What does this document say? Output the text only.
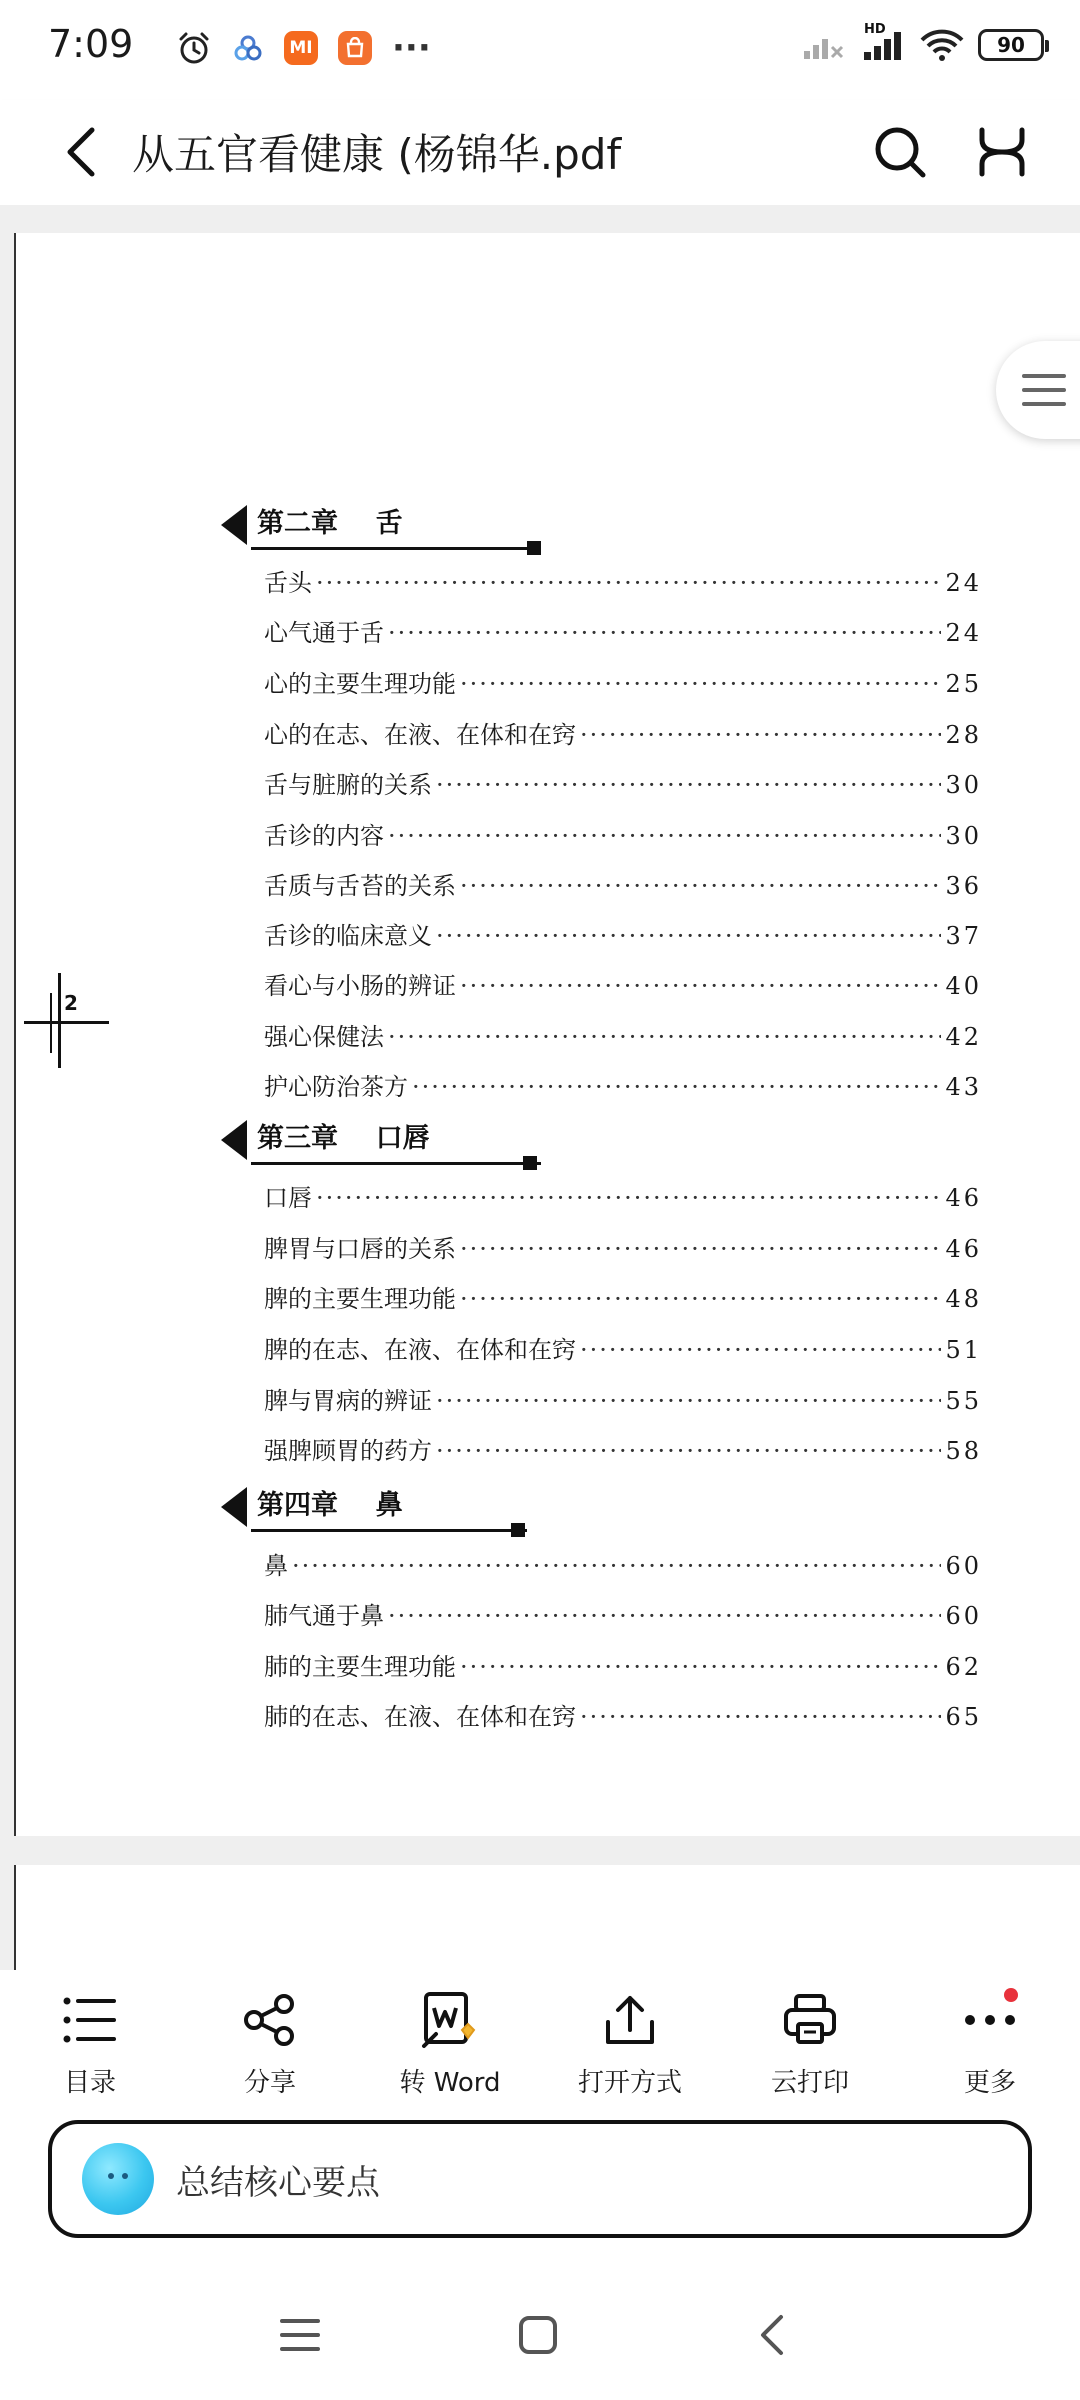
7:09	MI ···	HD
90
从五官看健康 (杨锦华.pdf
第二章    舌
舌头 ·····	24
心气通于舌 ·····	24
心的主要生理功能 ·····	25
心的在志、在液、在体和在窍 ·····	28
舌与脏腑的关系 ·····	30
舌诊的内容 ·····	30
舌质与舌苔的关系 ·····	36
舌诊的临床意义 ·····	37
看心与小肠的辨证 ·····	40
强心保健法 ·····	42
护心防治茶方 ·····	43
第三章    口唇
口唇 ·····	46
脾胃与口唇的关系 ·····	46
脾的主要生理功能 ·····	48
脾的在志、在液、在体和在窍 ·····	51
脾与胃病的辨证 ·····	55
强脾顾胃的药方 ·····	58
第四章    鼻
鼻 ·····	60
肺气通于鼻 ·····	60
肺的主要生理功能 ·····	62
肺的在志、在液、在体和在窍 ·····	65
2
目录	分享	转 Word	打开方式	云打印	更多
总结核心要点
